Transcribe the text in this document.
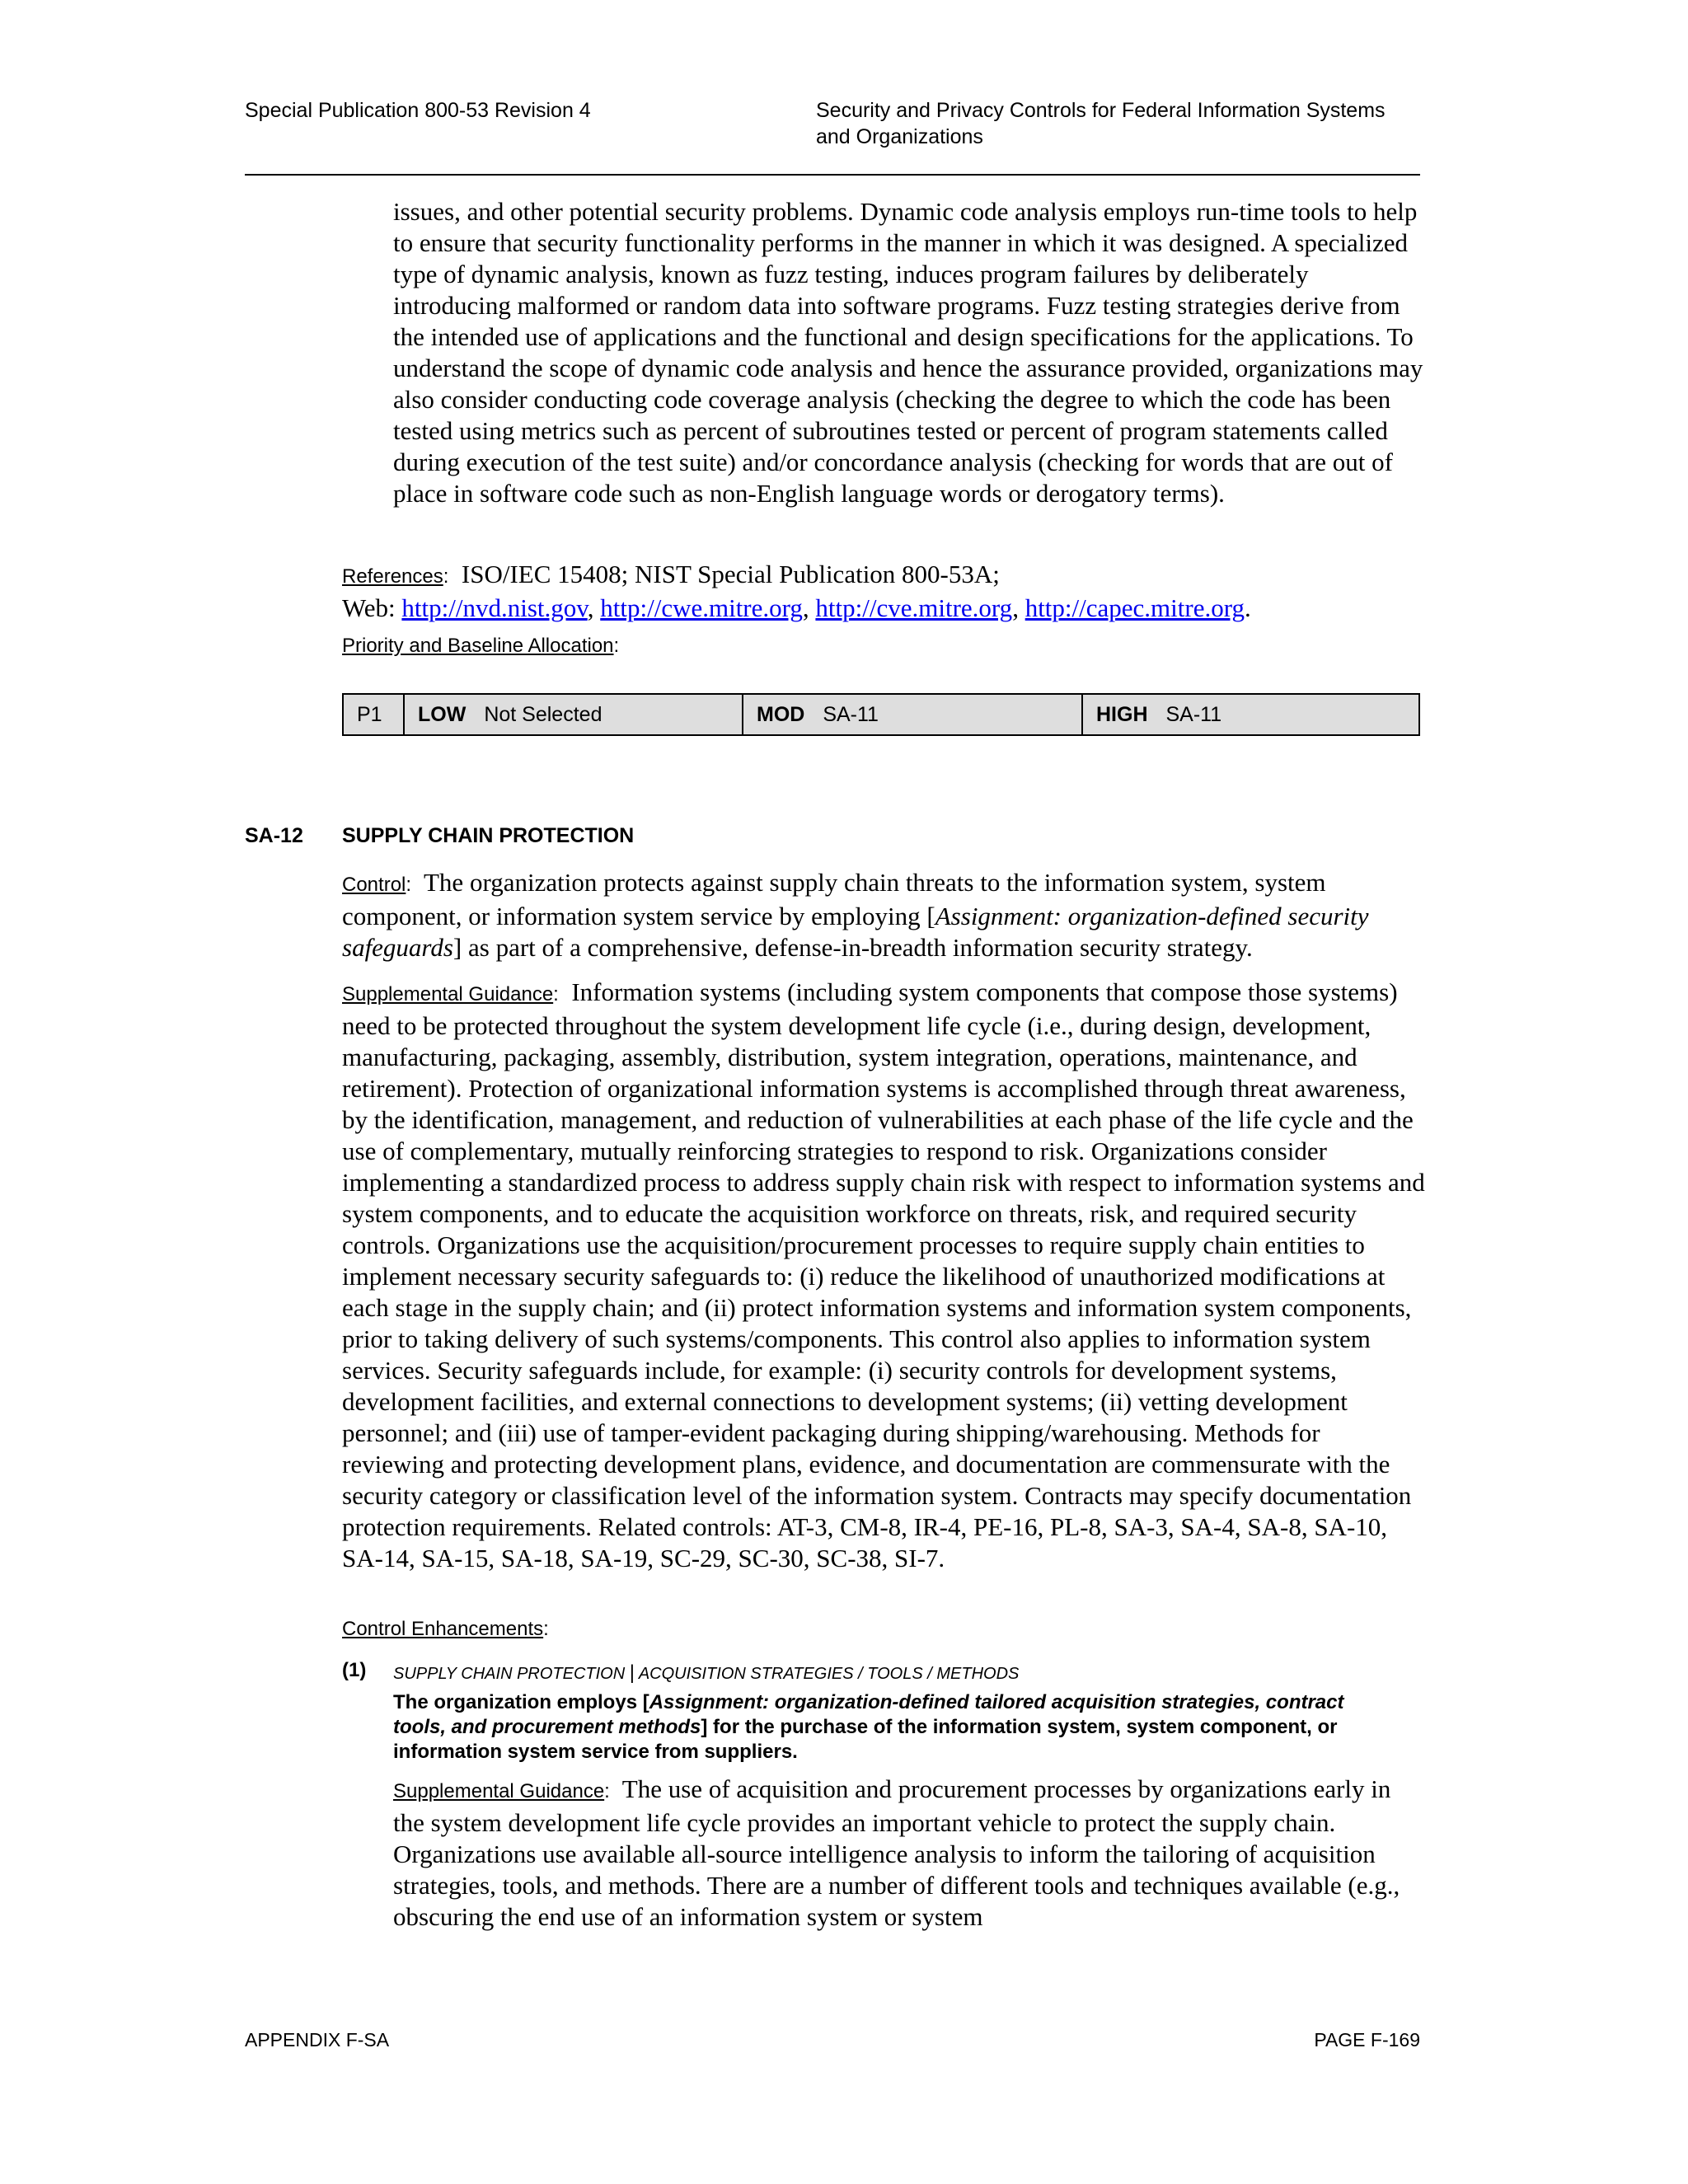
Special Publication 800-53 Revision 4	Security and Privacy Controls for Federal Information Systems
and Organizations
issues, and other potential security problems. Dynamic code analysis employs run-time tools to help to ensure that security functionality performs in the manner in which it was designed. A specialized type of dynamic analysis, known as fuzz testing, induces program failures by deliberately introducing malformed or random data into software programs. Fuzz testing strategies derive from the intended use of applications and the functional and design specifications for the applications. To understand the scope of dynamic code analysis and hence the assurance provided, organizations may also consider conducting code coverage analysis (checking the degree to which the code has been tested using metrics such as percent of subroutines tested or percent of program statements called during execution of the test suite) and/or concordance analysis (checking for words that are out of place in software code such as non-English language words or derogatory terms).
References: ISO/IEC 15408; NIST Special Publication 800-53A;
Web: http://nvd.nist.gov, http://cwe.mitre.org, http://cve.mitre.org, http://capec.mitre.org.
Priority and Baseline Allocation:
P1 LOW Not Selected	MOD SA-11	HIGH SA-11
SA-12 SUPPLY CHAIN PROTECTION
Control: The organization protects against supply chain threats to the information system, system component, or information system service by employing [Assignment: organization-defined security safeguards] as part of a comprehensive, defense-in-breadth information security strategy.
Supplemental Guidance: Information systems (including system components that compose those systems) need to be protected throughout the system development life cycle (i.e., during design, development, manufacturing, packaging, assembly, distribution, system integration, operations, maintenance, and retirement). Protection of organizational information systems is accomplished through threat awareness, by the identification, management, and reduction of vulnerabilities at each phase of the life cycle and the use of complementary, mutually reinforcing strategies to respond to risk. Organizations consider implementing a standardized process to address supply chain risk with respect to information systems and system components, and to educate the acquisition workforce on threats, risk, and required security controls. Organizations use the acquisition/procurement processes to require supply chain entities to implement necessary security safeguards to: (i) reduce the likelihood of unauthorized modifications at each stage in the supply chain; and (ii) protect information systems and information system components, prior to taking delivery of such systems/components. This control also applies to information system services. Security safeguards include, for example: (i) security controls for development systems, development facilities, and external connections to development systems; (ii) vetting development personnel; and (iii) use of tamper-evident packaging during shipping/warehousing. Methods for reviewing and protecting development plans, evidence, and documentation are commensurate with the security category or classification level of the information system. Contracts may specify documentation protection requirements. Related controls: AT-3, CM-8, IR-4, PE-16, PL-8, SA-3, SA-4, SA-8, SA-10, SA-14, SA-15, SA-18, SA-19, SC-29, SC-30, SC-38, SI-7.
Control Enhancements:
(1) SUPPLY CHAIN PROTECTION | ACQUISITION STRATEGIES / TOOLS / METHODS
The organization employs [Assignment: organization-defined tailored acquisition strategies, contract tools, and procurement methods] for the purchase of the information system, system component, or information system service from suppliers.
Supplemental Guidance: The use of acquisition and procurement processes by organizations early in the system development life cycle provides an important vehicle to protect the supply chain. Organizations use available all-source intelligence analysis to inform the tailoring of acquisition strategies, tools, and methods. There are a number of different tools and techniques available (e.g., obscuring the end use of an information system or system
APPENDIX F-SA	PAGE F-169
